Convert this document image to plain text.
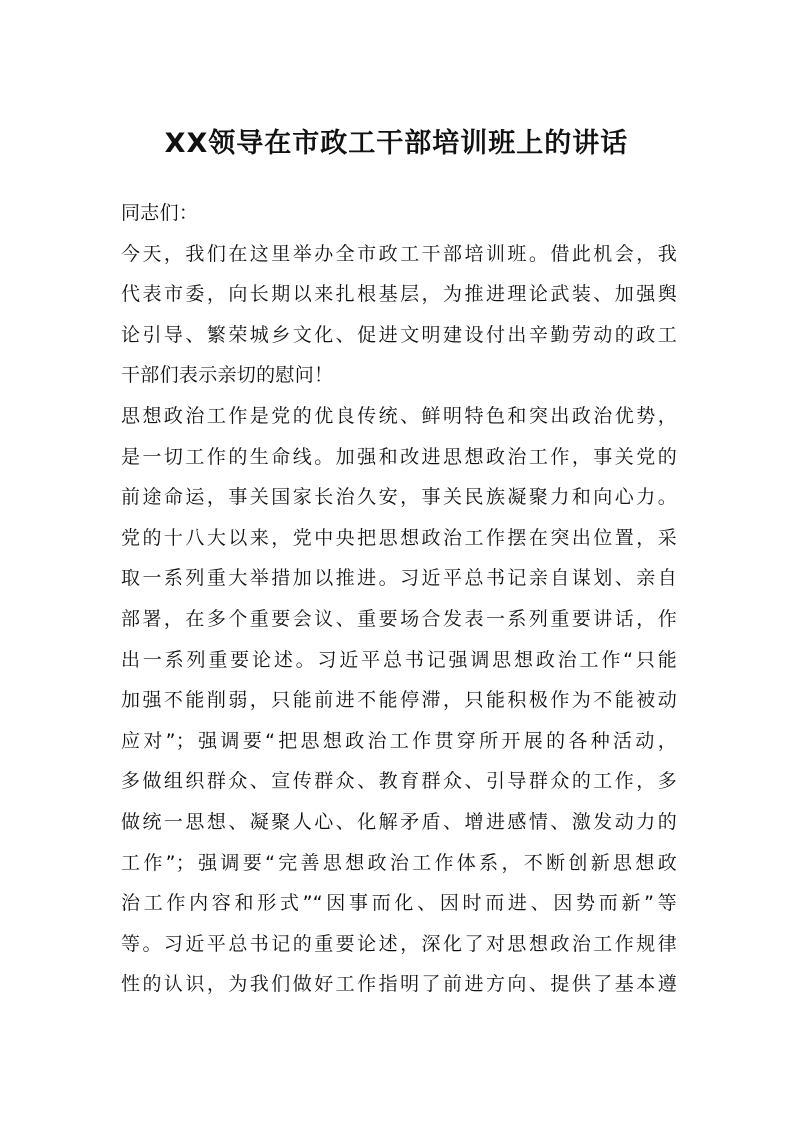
XX领导在市政工干部培训班上的讲话
同志们：
今天，我们在这里举办全市政工干部培训班。借此机会，我
代表市委，向长期以来扎根基层，为推进理论武装、加强舆
论引导、繁荣城乡文化、促进文明建设付出辛勤劳动的政工
干部们表示亲切的慰问！
思想政治工作是党的优良传统、鲜明特色和突出政治优势，
是一切工作的生命线。加强和改进思想政治工作，事关党的
前途命运，事关国家长治久安，事关民族凝聚力和向心力。
党的十八大以来，党中央把思想政治工作摆在突出位置，采
取一系列重大举措加以推进。习近平总书记亲自谋划、亲自
部署，在多个重要会议、重要场合发表一系列重要讲话，作
出一系列重要论述。习近平总书记强调思想政治工作“只能
加强不能削弱，只能前进不能停滞，只能积极作为不能被动
应对”；强调要“把思想政治工作贯穿所开展的各种活动，
多做组织群众、宣传群众、教育群众、引导群众的工作，多
做统一思想、凝聚人心、化解矛盾、增进感情、激发动力的
工作”；强调要“完善思想政治工作体系，不断创新思想政
治工作内容和形式”“因事而化、因时而进、因势而新”等
等。习近平总书记的重要论述，深化了对思想政治工作规律
性的认识，为我们做好工作指明了前进方向、提供了基本遵
